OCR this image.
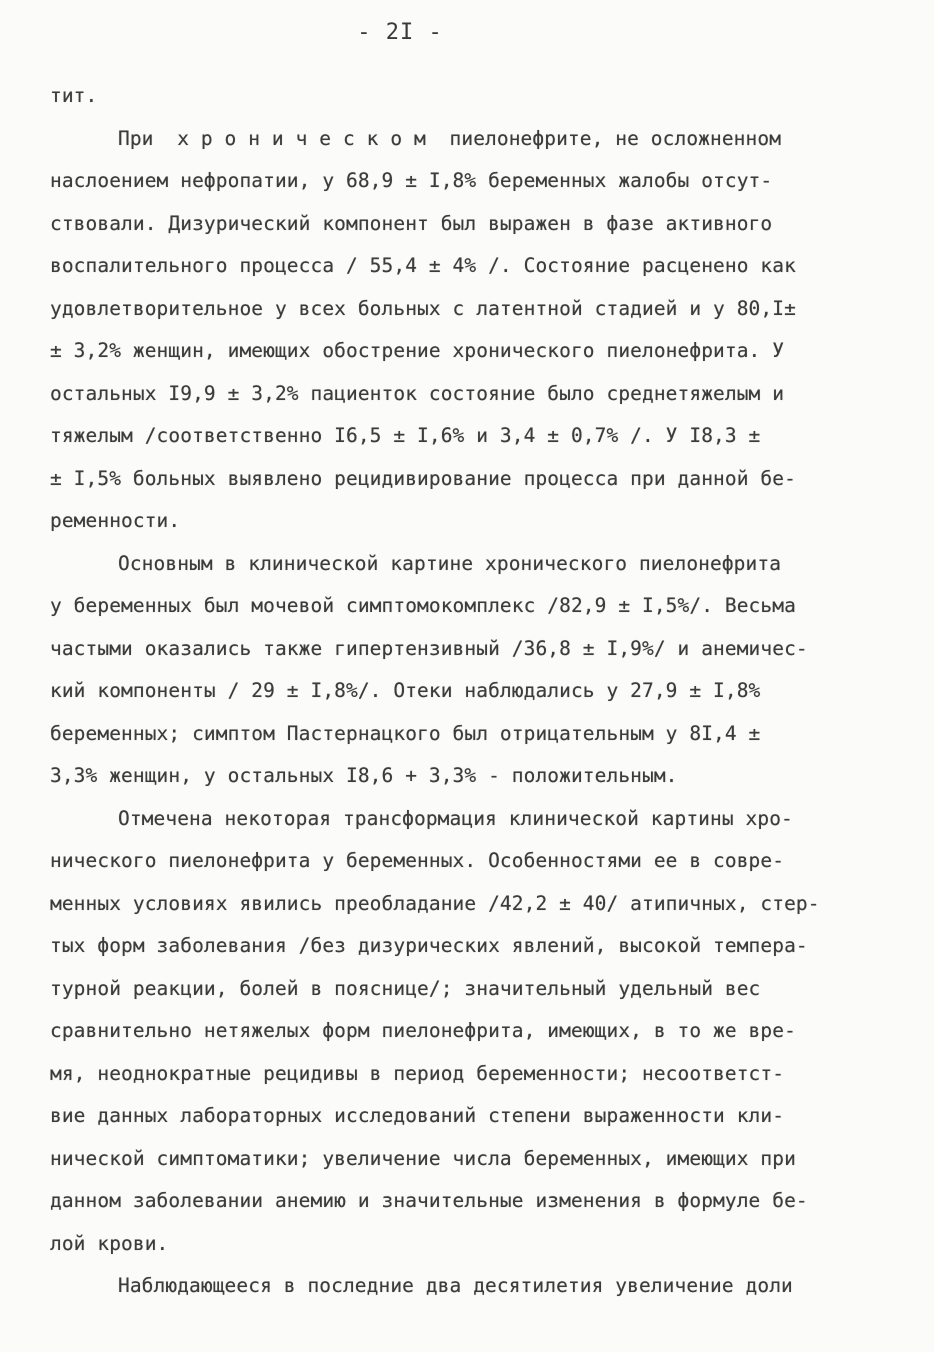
- 2I -
тит.
При  х р о н и ч е с к о м  пиелонефрите, не осложненном
наслоением нефропатии, у 68,9 ± I,8% беременных жалобы отсут-
ствовали. Дизурический компонент был выражен в фазе активного
воспалительного процесса / 55,4 ± 4% /. Состояние расценено как
удовлетворительное у всех больных с латентной стадией и у 80,I±
± 3,2% женщин, имеющих обострение хронического пиелонефрита. У
остальных I9,9 ± 3,2% пациенток состояние было среднетяжелым и
тяжелым /соответственно I6,5 ± I,6% и 3,4 ± 0,7% /. У I8,3 ±
± I,5% больных выявлено рецидивирование процесса при данной бе-
ременности.
Основным в клинической картине хронического пиелонефрита
у беременных был мочевой симптомокомплекс /82,9 ± I,5%/. Весьма
частыми оказались также гипертензивный /36,8 ± I,9%/ и анемичес-
кий компоненты / 29 ± I,8%/. Отеки наблюдались у 27,9 ± I,8%
беременных; симптом Пастернацкого был отрицательным у 8I,4 ±
3,3% женщин, у остальных I8,6 + 3,3% - положительным.
Отмечена некоторая трансформация клинической картины хро-
нического пиелонефрита у беременных. Особенностями ее в совре-
менных условиях явились преобладание /42,2 ± 40/ атипичных, стер-
тых форм заболевания /без дизурических явлений, высокой темпера-
турной реакции, болей в пояснице/; значительный удельный вес
сравнительно нетяжелых форм пиелонефрита, имеющих, в то же вре-
мя, неоднократные рецидивы в период беременности; несоответст-
вие данных лабораторных исследований степени выраженности кли-
нической симптоматики; увеличение числа беременных, имеющих при
данном заболевании анемию и значительные изменения в формуле бе-
лой крови.
Наблюдающееся в последние два десятилетия увеличение доли
